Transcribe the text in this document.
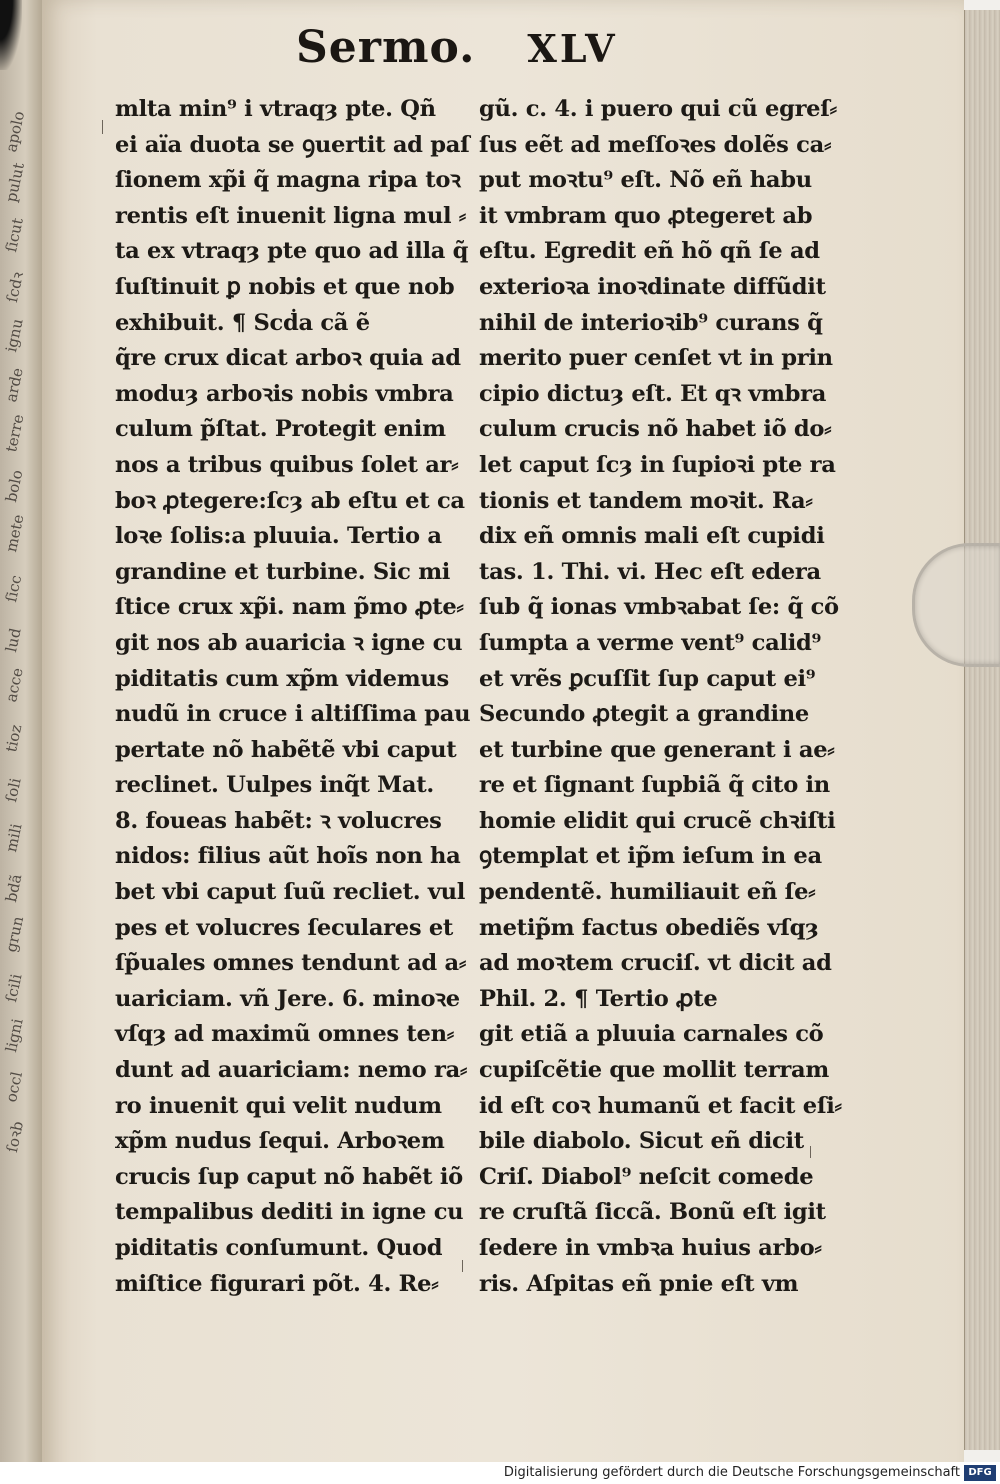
apolo
pulut
ſicut
ſcdꝛ
ignu
arde
terre
bolo
mete
ſicc
lud
acce
tioz
ſoli
mili
bdã
grun
ſcili
ligni
occl
ſoꝛb
Sermo. XLV
mlta min⁹ i vtraqȝ pte. Qñ
ei aïa duota se ꝯuertit ad paſ
ſionem xp̃i q̃ magna ripa toꝛ
rentis eſt inuenit ligna mul ⸗
ta ex vtraqȝ pte quo ad illa q̃
ſuſtinuit ꝑ nobis et que nob
exhibuit. ¶ Scḋa cã ẽ
q̃re crux dicat arboꝛ quia ad
moduȝ arboꝛis nobis vmbra
culum p̃ſtat. Protegit enim
nos a tribus quibus ſolet ar⸗
boꝛ ꝓtegere:ſcȝ ab eſtu et ca
loꝛe ſolis:a pluuia. Tertio a
grandine et turbine. Sic mi
ſtice crux xp̃i. nam p̃mo ꝓte⸗
git nos ab auaricia ꝛ igne cu
piditatis cum xp̃m videmus
nudũ in cruce i altiſſima pau
pertate nõ habẽtẽ vbi caput
reclinet. Uulpes inq̃t Mat.
8. foueas habẽt: ꝛ volucres
nidos: filius aũt hoĩs non ha
bet vbi caput ſuũ recliet. vul
pes et volucres ſeculares et
ſp̃uales omnes tendunt ad a⸗
uariciam. vñ Jere. 6. minoꝛe
vſqȝ ad maximũ omnes ten⸗
dunt ad auariciam: nemo ra⸗
ro inuenit qui velit nudum
xp̃m nudus ſequi. Arboꝛem
crucis ſup caput nõ habẽt iõ
tempalibus dediti in igne cu
piditatis conſumunt. Quod
miſtice figurari põt. 4. Re⸗
gũ. c. 4. i puero qui cũ egreſ⸗
ſus eẽt ad meſſoꝛes dolẽs ca⸗
put moꝛtu⁹ eſt. Nõ eñ habu
it vmbram quo ꝓtegeret ab
eſtu. Egredit eñ hõ qñ ſe ad
exterioꝛa inoꝛdinate diffũdit
nihil de interioꝛib⁹ curans q̃
merito puer cenſet vt in prin
cipio dictuȝ eſt. Et qꝛ vmbra
culum crucis nõ habet iõ do⸗
let caput ſcȝ in ſupioꝛi pte ra
tionis et tandem moꝛit. Ra⸗
dix eñ omnis mali eſt cupidi
tas. 1. Thi. vi. Hec eſt edera
ſub q̃ ionas vmbꝛabat ſe: q̃ cõ
ſumpta a verme vent⁹ calid⁹
et vrẽs ꝑcuſſit ſup caput ei⁹
Secundo ꝓtegit a grandine
et turbine que generant i ae⸗
re et ſignant ſupbiã q̃ cito in
homie elidit qui crucẽ chꝛiſti
ꝯtemplat et ip̃m ieſum in ea
pendentẽ. humiliauit eñ ſe⸗
metip̃m factus obediẽs vſqȝ
ad moꝛtem cruciſ. vt dicit ad
Phil. 2. ¶ Tertio ꝓte
git etiã a pluuia carnales cõ
cupiſcẽtie que mollit terram
id eſt coꝛ humanũ et facit eſi⸗
bile diabolo. Sicut eñ dicit
Criſ. Diabol⁹ neſcit comede
re cruſtã ſiccã. Bonũ eſt igit
ſedere in vmbꝛa huius arbo⸗
ris. Aſpitas eñ pnie eſt vm
Digitalisierung gefördert durch die Deutsche Forschungsgemeinschaft DFG
